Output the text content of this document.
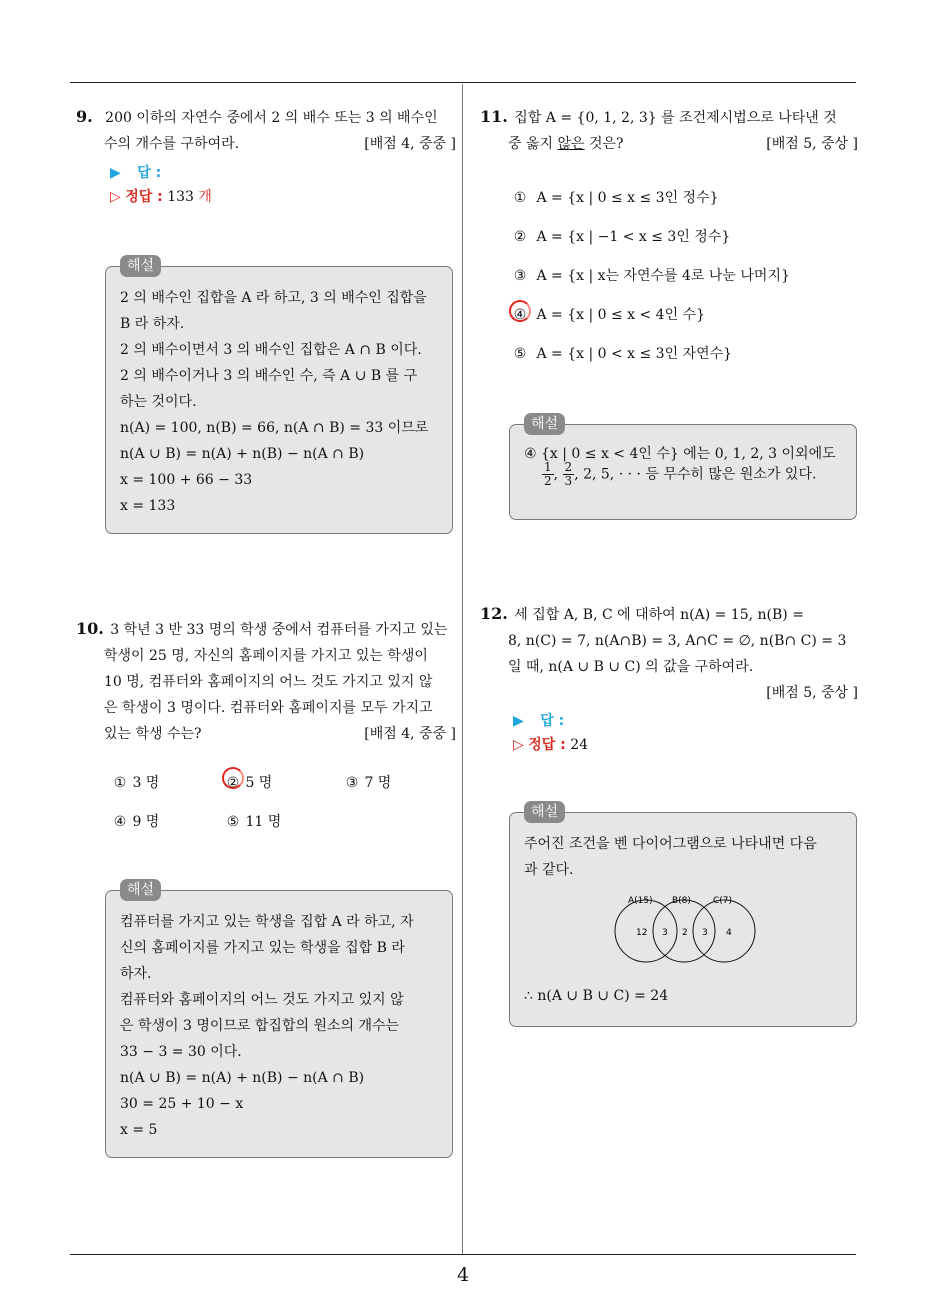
4
9. 200 이하의 자연수 중에서 2 의 배수 또는 3 의 배수인
수의 개수를 구하여라.	[배점 4, 중중 ]
▶ 답 :
▷ 정답 : 133 개
해설
2 의 배수인 집합을 A 라 하고, 3 의 배수인 집합을
B 라 하자.
2 의 배수이면서 3 의 배수인 집합은 A ∩ B 이다.
2 의 배수이거나 3 의 배수인 수, 즉 A ∪ B 를 구
하는 것이다.
n(A) = 100, n(B) = 66, n(A ∩ B) = 33 이므로
n(A ∪ B) = n(A) + n(B) − n(A ∩ B)
x = 100 + 66 − 33
x = 133
10. 3 학년 3 반 33 명의 학생 중에서 컴퓨터를 가지고 있는
학생이 25 명, 자신의 홈페이지를 가지고 있는 학생이
10 명, 컴퓨터와 홈페이지의 어느 것도 가지고 있지 않
은 학생이 3 명이다. 컴퓨터와 홈페이지를 모두 가지고
있는 학생 수는?	[배점 4, 중중 ]
① 3 명	② 5 명	③ 7 명
④ 9 명	⑤ 11 명
해설
컴퓨터를 가지고 있는 학생을 집합 A 라 하고, 자
신의 홈페이지를 가지고 있는 학생을 집합 B 라
하자.
컴퓨터와 홈페이지의 어느 것도 가지고 있지 않
은 학생이 3 명이므로 합집합의 원소의 개수는
33 − 3 = 30 이다.
n(A ∪ B) = n(A) + n(B) − n(A ∩ B)
30 = 25 + 10 − x
x = 5
11. 집합 A = {0, 1, 2, 3} 를 조건제시법으로 나타낸 것
중 옳지 않은 것은?	[배점 5, 중상 ]
① A = {x | 0 ≤ x ≤ 3인 정수}
② A = {x | −1 < x ≤ 3인 정수}
③ A = {x | x는 자연수를 4로 나눈 나머지}
④ A = {x | 0 ≤ x < 4인 수}
⑤ A = {x | 0 < x ≤ 3인 자연수}
해설
④ {x | 0 ≤ x < 4인 수} 에는 0, 1, 2, 3 이외에도
$\frac{1}{2}$ , $\frac{2}{3}$ , 2, 5, · · · 등 무수히 많은 원소가 있다.
12. 세 집합 A, B, C 에 대하여 n(A) = 15, n(B) =
8, n(C) = 7, n(A∩B) = 3, A∩C = ∅, n(B∩ C) = 3
일 때, n(A ∪ B ∪ C) 의 값을 구하여라.
[배점 5, 중상 ]
▶ 답 :
▷ 정답 : 24
해설
주어진 조건을 벤 다이어그램으로 나타내면 다음
과 같다.
A(15) B(8) C(7)
12 3 2 3 4
∴ n(A ∪ B ∪ C) = 24
